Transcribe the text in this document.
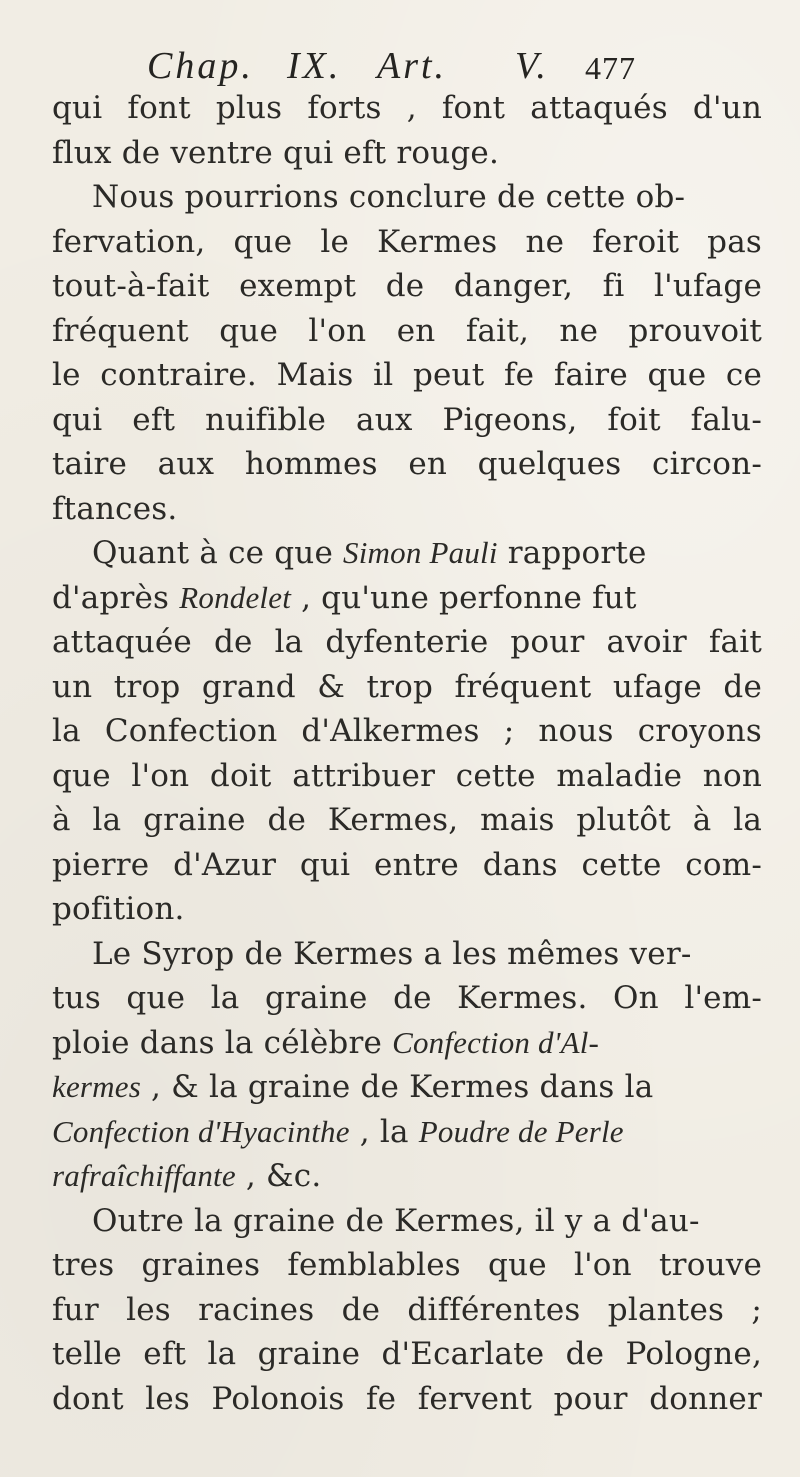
Chap. IX. Art. V. 477
qui font plus forts , font attaqués d'un
flux de ventre qui eft rouge.
Nous pourrions conclure de cette ob-
fervation, que le Kermes ne feroit pas
tout-à-fait exempt de danger, fi l'ufage
fréquent que l'on en fait, ne prouvoit
le contraire. Mais il peut fe faire que ce
qui eft nuifible aux Pigeons, foit falu-
taire aux hommes en quelques circon-
ftances.
Quant à ce que Simon Pauli rapporte
d'après Rondelet , qu'une perfonne fut
attaquée de la dyfenterie pour avoir fait
un trop grand & trop fréquent ufage de
la Confection d'Alkermes ; nous croyons
que l'on doit attribuer cette maladie non
à la graine de Kermes, mais plutôt à la
pierre d'Azur qui entre dans cette com-
pofition.
Le Syrop de Kermes a les mêmes ver-
tus que la graine de Kermes. On l'em-
ploie dans la célèbre Confection d'Al-
kermes , & la graine de Kermes dans la
Confection d'Hyacinthe , la Poudre de Perle
rafraîchiffante , &c.
Outre la graine de Kermes, il y a d'au-
tres graines femblables que l'on trouve
fur les racines de différentes plantes ;
telle eft la graine d'Ecarlate de Pologne,
dont les Polonois fe fervent pour donner
